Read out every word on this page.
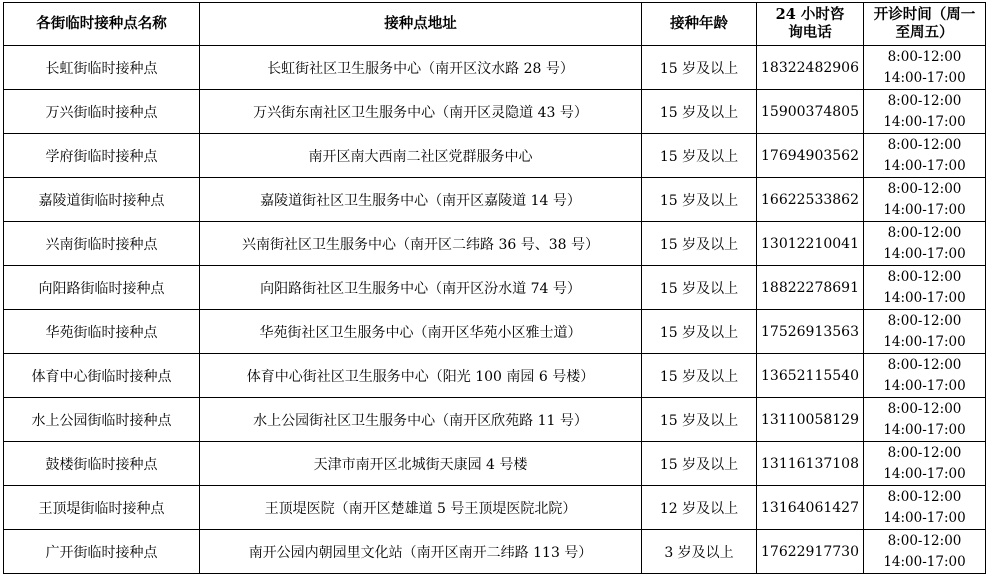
各街临时接种点名称	接种点地址	接种年龄	24 小时咨询电话	开诊时间（周一至周五）
长虹街临时接种点	长虹街社区卫生服务中心（南开区汶水路 28 号）	15 岁及以上	18322482906	8:00-12:00
14:00-17:00

万兴街临时接种点	万兴街东南社区卫生服务中心（南开区灵隐道 43 号）	15 岁及以上	15900374805	8:00-12:00
14:00-17:00

学府街临时接种点	南开区南大西南二社区党群服务中心	15 岁及以上	17694903562	8:00-12:00
14:00-17:00

嘉陵道街临时接种点	嘉陵道街社区卫生服务中心（南开区嘉陵道 14 号）	15 岁及以上	16622533862	8:00-12:00
14:00-17:00

兴南街临时接种点	兴南街社区卫生服务中心（南开区二纬路 36 号、38 号）	15 岁及以上	13012210041	8:00-12:00
14:00-17:00

向阳路街临时接种点	向阳路街社区卫生服务中心（南开区汾水道 74 号）	15 岁及以上	18822278691	8:00-12:00
14:00-17:00

华苑街临时接种点	华苑街社区卫生服务中心（南开区华苑小区雅士道）	15 岁及以上	17526913563	8:00-12:00
14:00-17:00

体育中心街临时接种点	体育中心街社区卫生服务中心（阳光 100 南园 6 号楼）	15 岁及以上	13652115540	8:00-12:00
14:00-17:00

水上公园街临时接种点	水上公园街社区卫生服务中心（南开区欣苑路 11 号）	15 岁及以上	13110058129	8:00-12:00
14:00-17:00

鼓楼街临时接种点	天津市南开区北城街天康园 4 号楼	15 岁及以上	13116137108	8:00-12:00
14:00-17:00

王顶堤街临时接种点	王顶堤医院（南开区楚雄道 5 号王顶堤医院北院）	12 岁及以上	13164061427	8:00-12:00
14:00-17:00

广开街临时接种点	南开公园内朝园里文化站（南开区南开二纬路 113 号）	3 岁及以上	17622917730	8:00-12:00
14:00-17:00
